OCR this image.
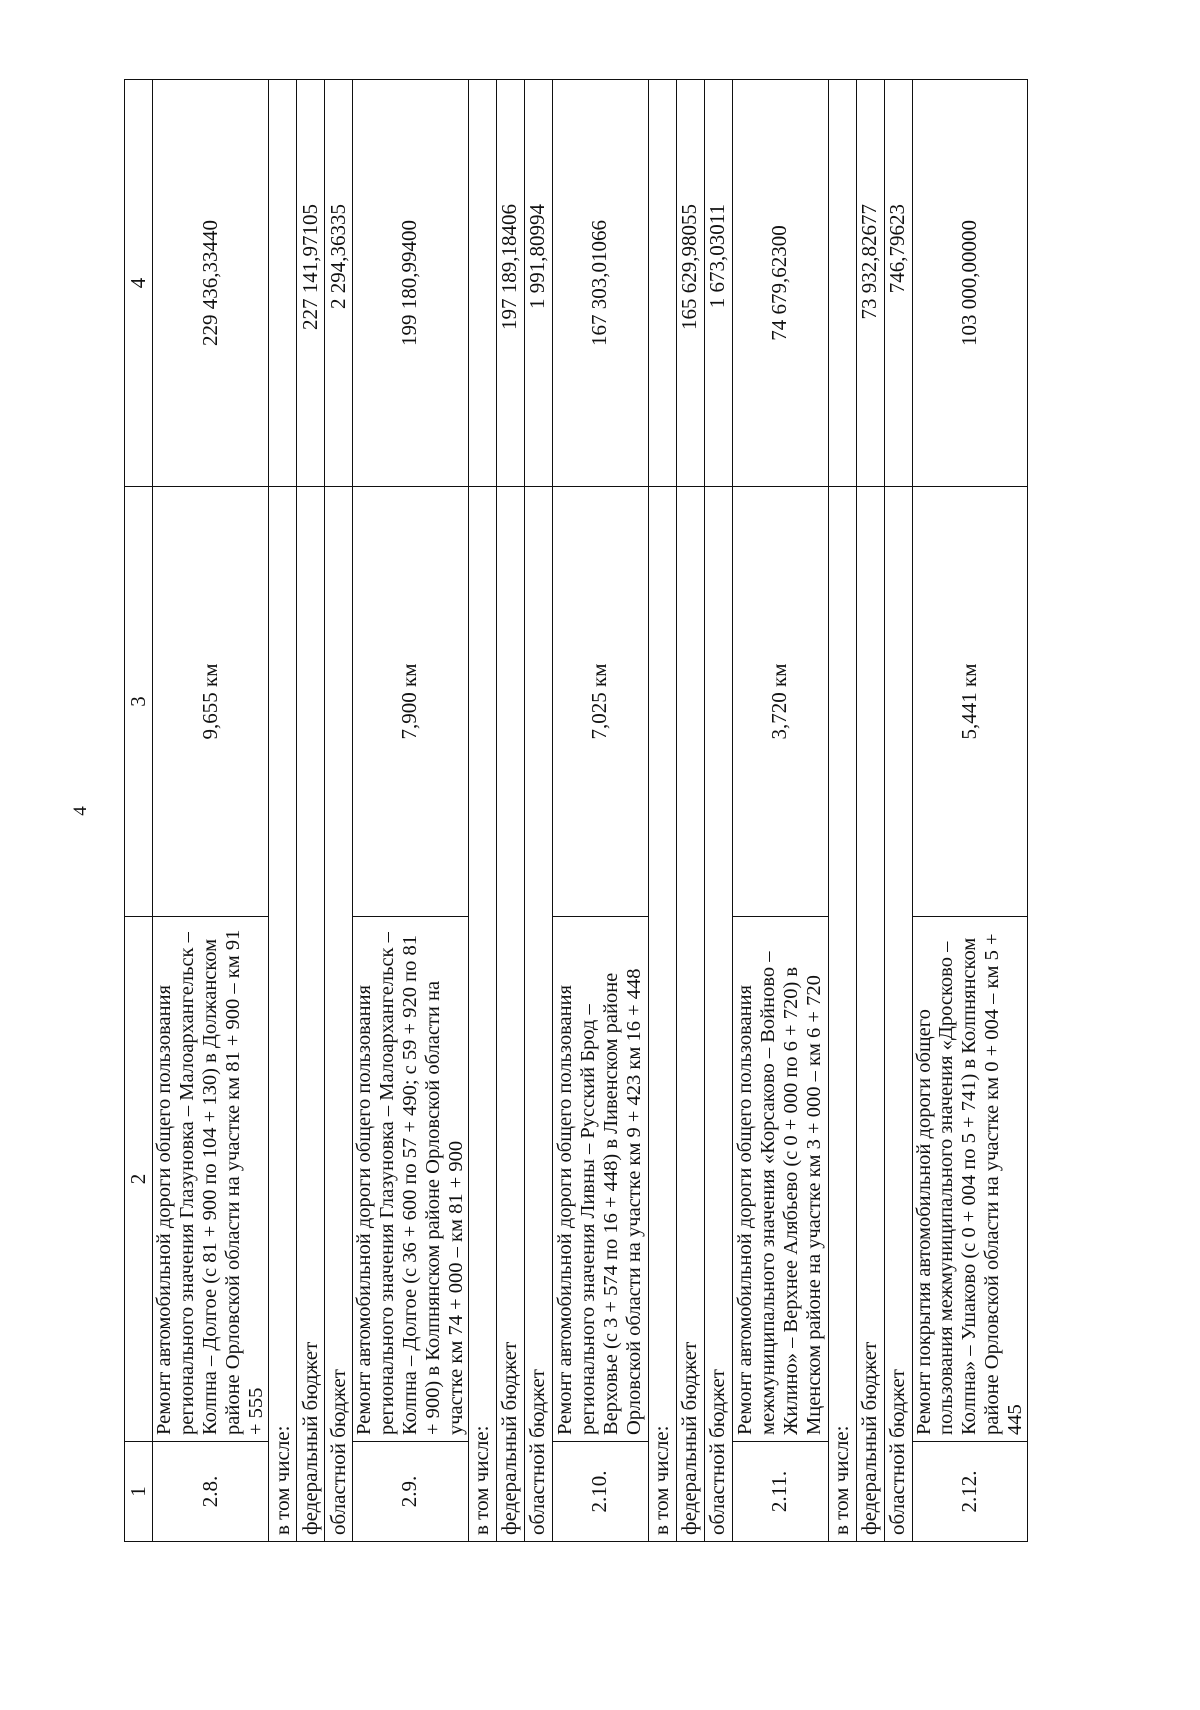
4
1	2	3	4
2.8.	Ремонт автомобильной дороги общего пользования регионального значения Глазуновка – Малоархангельск – Колпна – Долгое (с 81 + 900 по 104 + 130) в Должанском районе Орловской области на участке км 81 + 900 – км 91 + 555	9,655 км	229 436,33440
в том числе:			
федеральный бюджет			227 141,97105
областной бюджет			2 294,36335
2.9.	Ремонт автомобильной дороги общего пользования регионального значения Глазуновка – Малоархангельск – Колпна – Долгое (с 36 + 600 по 57 + 490; с 59 + 920 по 81 + 900) в Колпнянском районе Орловской области на участке км 74 + 000 – км 81 + 900	7,900 км	199 180,99400
в том числе:			
федеральный бюджет			197 189,18406
областной бюджет			1 991,80994
2.10.	Ремонт автомобильной дороги общего пользования регионального значения Ливны – Русский Брод – Верховье (с 3 + 574 по 16 + 448) в Ливенском районе Орловской области на участке км 9 + 423 км 16 + 448	7,025 км	167 303,01066
в том числе:			
федеральный бюджет			165 629,98055
областной бюджет			1 673,03011
2.11.	Ремонт автомобильной дороги общего пользования межмуниципального значения «Корсаково – Войново – Жилино» – Верхнее Алябьево (с 0 + 000 по 6 + 720) в Мценском районе на участке км 3 + 000 – км 6 + 720	3,720 км	74 679,62300
в том числе:			
федеральный бюджет			73 932,82677
областной бюджет			746,79623
2.12.	Ремонт покрытия автомобильной дороги общего пользования межмуниципального значения «Дросково – Колпна» – Ушаково (с 0 + 004 по 5 + 741) в Колпнянском районе Орловской области на участке км 0 + 004 – км 5 + 445	5,441 км	103 000,00000
